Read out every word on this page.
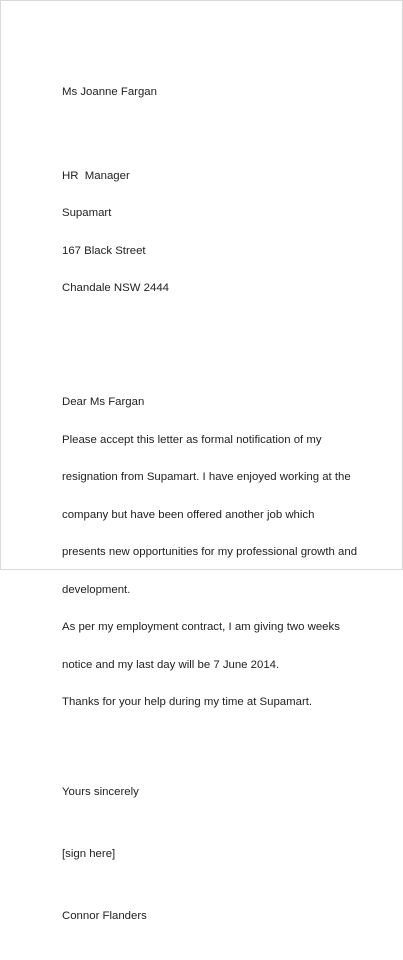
Ms Joanne Fargan

HR  Manager

Supamart

167 Black Street

Chandale NSW 2444

Dear Ms Fargan

Please accept this letter as formal notification of my

resignation from Supamart. I have enjoyed working at the

company but have been offered another job which

presents new opportunities for my professional growth and

development.

As per my employment contract, I am giving two weeks

notice and my last day will be 7 June 2014.

Thanks for your help during my time at Supamart.

Yours sincerely

[sign here]

Connor Flanders
